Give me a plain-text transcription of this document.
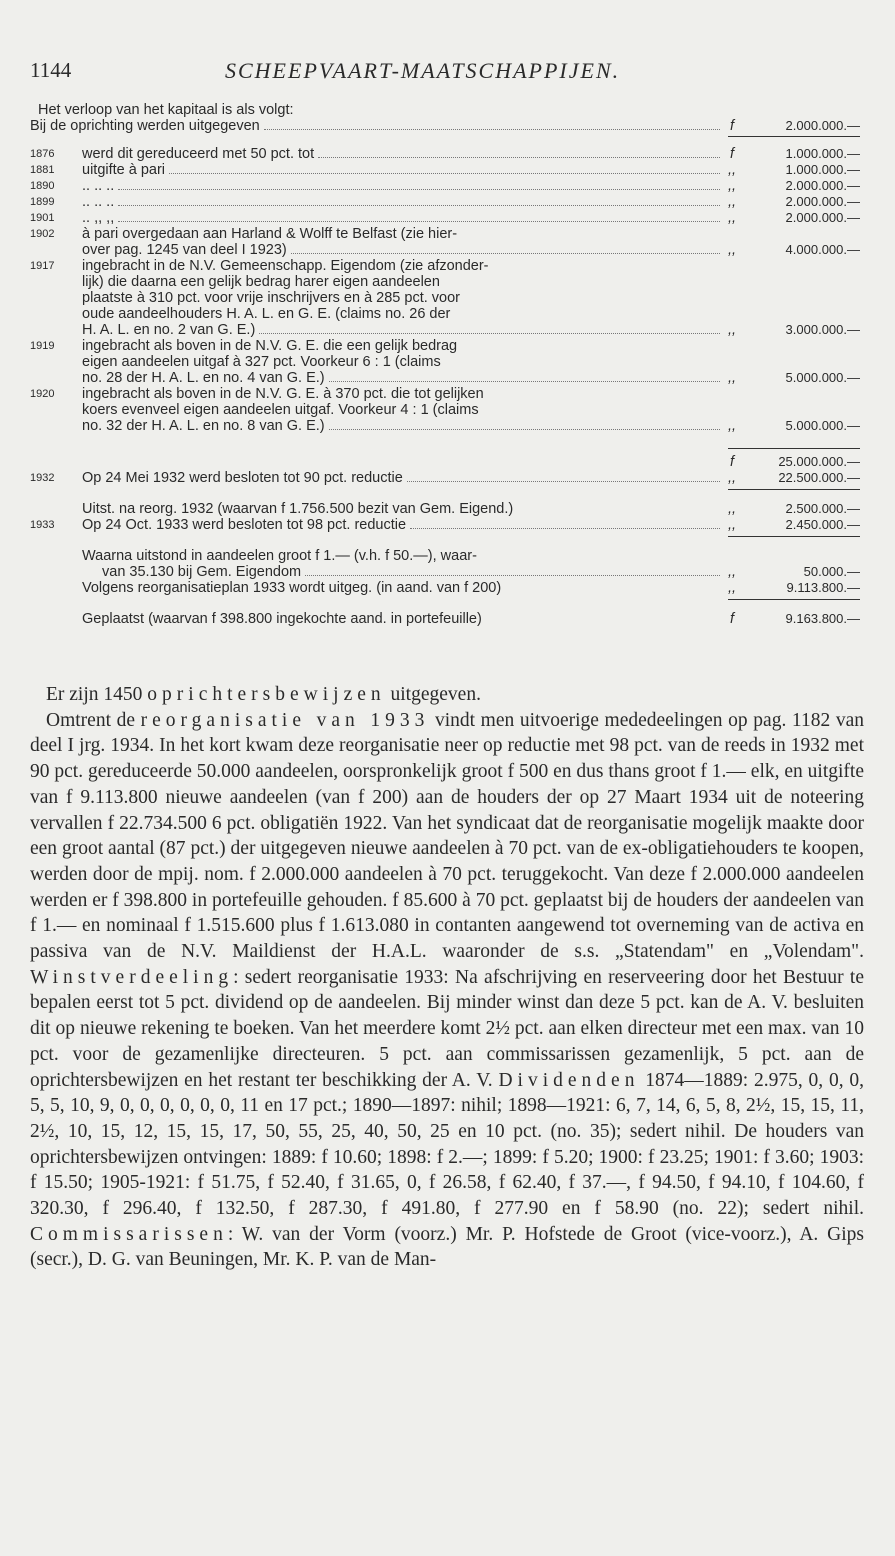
1144	SCHEEPVAART-MAATSCHAPPIJEN.
Het verloop van het kapitaal is als volgt:
Bij de oprichting werden uitgegeven	f	2.000.000.—
1876	werd dit gereduceerd met 50 pct. tot	f	1.000.000.—
1881	uitgifte à pari	,,	1.000.000.—
1890	.. .. ..	,,	2.000.000.—
1899	.. .. ..	,,	2.000.000.—
1901	.. ,, ,,	,,	2.000.000.—
1902	à pari overgedaan aan Harland & Wolff te Belfast (zie hier-
over pag. 1245 van deel I 1923)	,,	4.000.000.—
1917	ingebracht in de N.V. Gemeenschapp. Eigendom (zie afzonder-
lijk) die daarna een gelijk bedrag harer eigen aandeelen
plaatste à 310 pct. voor vrije inschrijvers en à 285 pct. voor
oude aandeelhouders H. A. L. en G. E. (claims no. 26 der
H. A. L. en no. 2 van G. E.)	,,	3.000.000.—
1919	ingebracht als boven in de N.V. G. E. die een gelijk bedrag
eigen aandeelen uitgaf à 327 pct. Voorkeur 6 : 1 (claims
no. 28 der H. A. L. en no. 4 van G. E.)	,,	5.000.000.—
1920	ingebracht als boven in de N.V. G. E. à 370 pct. die tot gelijken
koers evenveel eigen aandeelen uitgaf. Voorkeur 4 : 1 (claims
no. 32 der H. A. L. en no. 8 van G. E.)	,,	5.000.000.—
f	25.000.000.—
1932	Op 24 Mei 1932 werd besloten tot 90 pct. reductie	,,	22.500.000.—
Uitst. na reorg. 1932 (waarvan f 1.756.500 bezit van Gem. Eigend.)	,,	2.500.000.—
1933	Op 24 Oct. 1933 werd besloten tot 98 pct. reductie	,,	2.450.000.—
Waarna uitstond in aandeelen groot f 1.— (v.h. f 50.—), waar-
van 35.130 bij Gem. Eigendom	,,	50.000.—
Volgens reorganisatieplan 1933 wordt uitgeg. (in aand. van f 200)	,,	9.113.800.—
Geplaatst (waarvan f 398.800 ingekochte aand. in portefeuille)	f	9.163.800.—
Er zijn 1450 oprichtersbewijzen uitgegeven.
Omtrent de reorganisatie van 1933 vindt men uitvoerige mededeelingen op pag. 1182 van deel I jrg. 1934. In het kort kwam deze reorganisatie neer op reductie met 98 pct. van de reeds in 1932 met 90 pct. gereduceerde 50.000 aandeelen, oorspronkelijk groot f 500 en dus thans groot f 1.— elk, en uitgifte van f 9.113.800 nieuwe aandeelen (van f 200) aan de houders der op 27 Maart 1934 uit de noteering vervallen f 22.734.500 6 pct. obligatiën 1922. Van het syndicaat dat de reorganisatie mogelijk maakte door een groot aantal (87 pct.) der uitgegeven nieuwe aandeelen à 70 pct. van de ex-obligatiehouders te koopen, werden door de mpij. nom. f 2.000.000 aandeelen à 70 pct. teruggekocht. Van deze f 2.000.000 aandeelen werden er f 398.800 in portefeuille gehouden. f 85.600 à 70 pct. geplaatst bij de houders der aandeelen van f 1.— en nominaal f 1.515.600 plus f 1.613.080 in contanten aangewend tot overneming van de activa en passiva van de N.V. Maildienst der H.A.L. waaronder de s.s. „Statendam" en „Volendam". Winstverdeeling: sedert reorganisatie 1933: Na afschrijving en reserveering door het Bestuur te bepalen eerst tot 5 pct. dividend op de aandeelen. Bij minder winst dan deze 5 pct. kan de A. V. besluiten dit op nieuwe rekening te boeken. Van het meerdere komt 2½ pct. aan elken directeur met een max. van 10 pct. voor de gezamenlijke directeuren. 5 pct. aan commissarissen gezamenlijk, 5 pct. aan de oprichtersbewijzen en het restant ter beschikking der A. V. Dividenden 1874—1889: 2.975, 0, 0, 0, 5, 5, 10, 9, 0, 0, 0, 0, 0, 0, 11 en 17 pct.; 1890—1897: nihil; 1898—1921: 6, 7, 14, 6, 5, 8, 2½, 15, 15, 11, 2½, 10, 15, 12, 15, 15, 17, 50, 55, 25, 40, 50, 25 en 10 pct. (no. 35); sedert nihil. De houders van oprichtersbewijzen ontvingen: 1889: f 10.60; 1898: f 2.—; 1899: f 5.20; 1900: f 23.25; 1901: f 3.60; 1903: f 15.50; 1905-1921: f 51.75, f 52.40, f 31.65, 0, f 26.58, f 62.40, f 37.—, f 94.50, f 94.10, f 104.60, f 320.30, f 296.40, f 132.50, f 287.30, f 491.80, f 277.90 en f 58.90 (no. 22); sedert nihil. Commissarissen: W. van der Vorm (voorz.) Mr. P. Hofstede de Groot (vice-voorz.), A. Gips (secr.), D. G. van Beuningen, Mr. K. P. van de Man-
